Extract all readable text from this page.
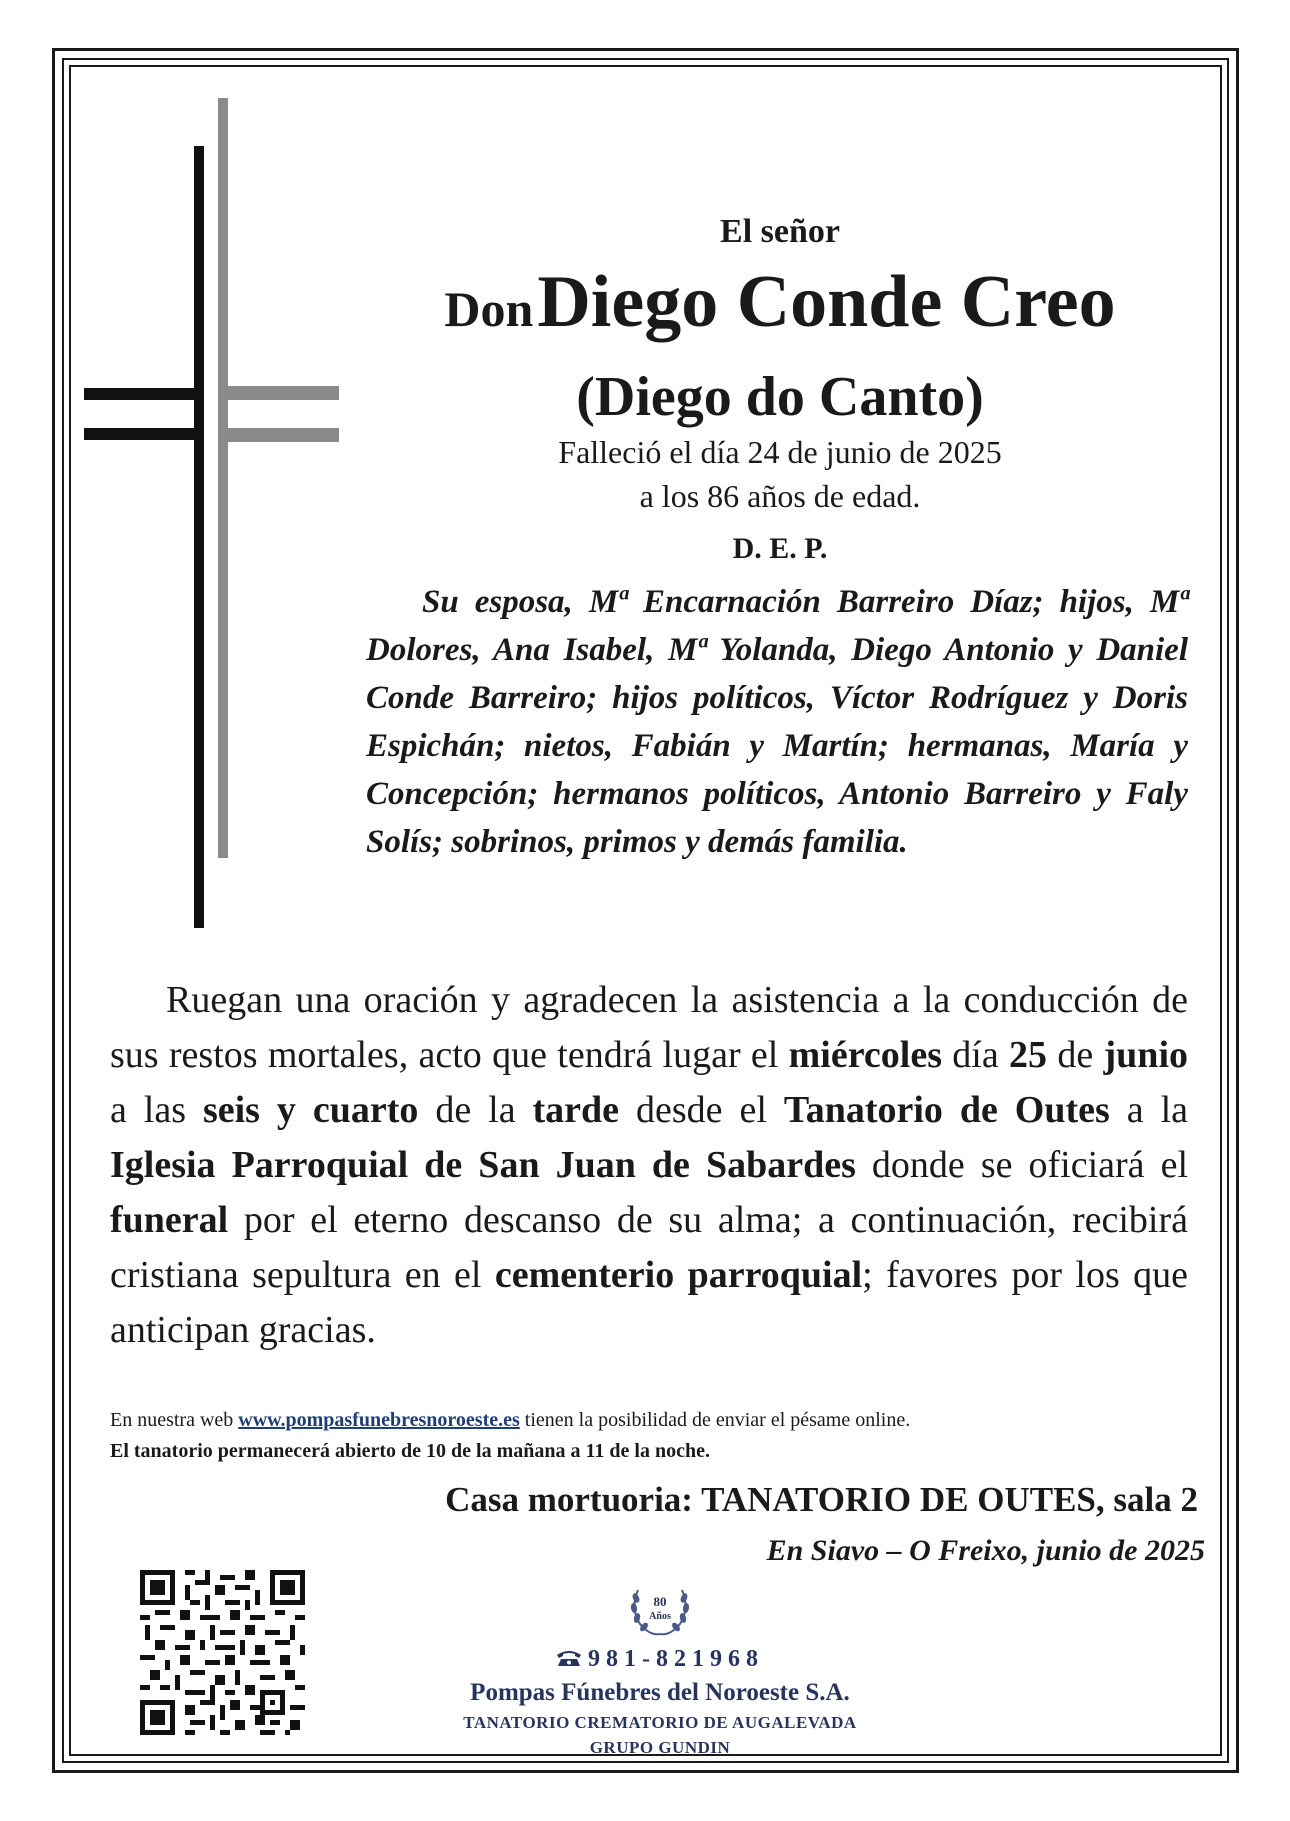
El señor
Don Diego Conde Creo
(Diego do Canto)
Falleció el día 24 de junio de 2025
a los 86 años de edad.
D. E. P.

Su esposa, Mª Encarnación Barreiro Díaz; hijos, Mª Dolores, Ana Isabel, Mª Yolanda, Diego Antonio y Daniel Conde Barreiro; hijos políticos, Víctor Rodríguez y Doris Espichán; nietos, Fabián y Martín; hermanas, María y Concepción; hermanos políticos, Antonio Barreiro y Faly Solís; sobrinos, primos y demás familia.

Ruegan una oración y agradecen la asistencia a la conducción de sus restos mortales, acto que tendrá lugar el miércoles día 25 de junio a las seis y cuarto de la tarde desde el Tanatorio de Outes a la Iglesia Parroquial de San Juan de Sabardes donde se oficiará el funeral por el eterno descanso de su alma; a continuación, recibirá cristiana sepultura en el cementerio parroquial; favores por los que anticipan gracias.

En nuestra web www.pompasfunebresnoroeste.es tienen la posibilidad de enviar el pésame online.

El tanatorio permanecerá abierto de 10 de la mañana a 11 de la noche.

Casa mortuoria: TANATORIO DE OUTES, sala 2
En Siavo – O Freixo, junio de 2025
80
Años
981-821968
Pompas Fúnebres del Noroeste S.A.
TANATORIO CREMATORIO DE AUGALEVADA
GRUPO GUNDIN
